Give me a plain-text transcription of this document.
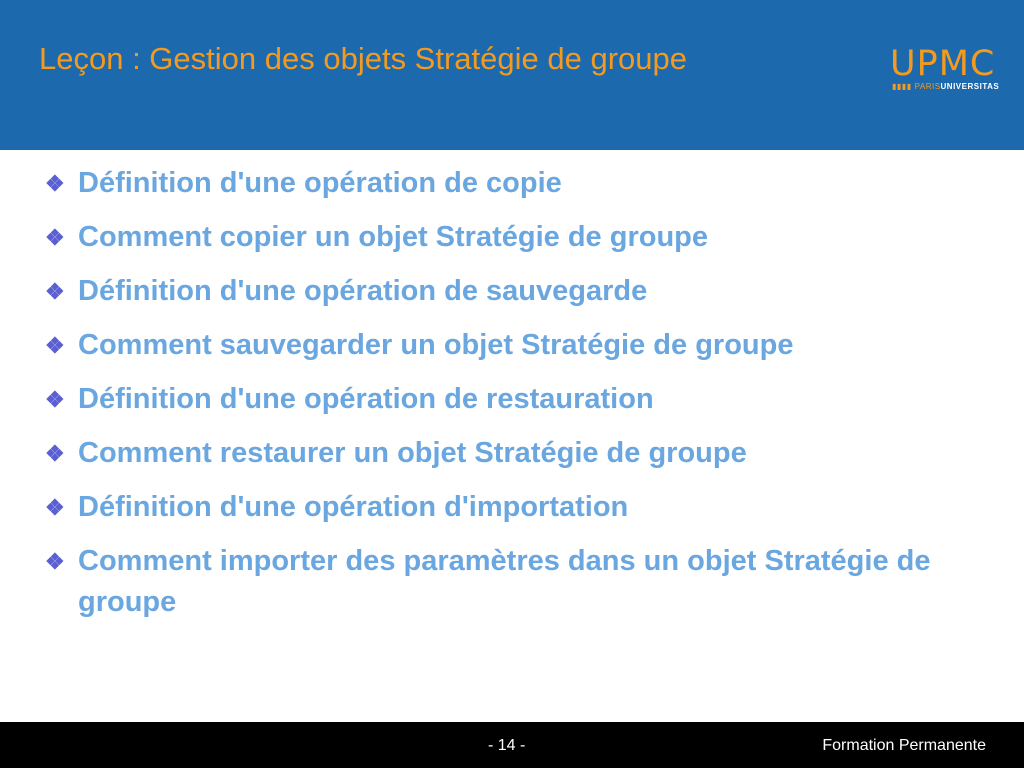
Leçon : Gestion des objets Stratégie de groupe	UPMC
▮▮▮▮ PARISUNIVERSITAS
❖ Définition d'une opération de copie
❖ Comment copier un objet Stratégie de groupe
❖ Définition d'une opération de sauvegarde
❖ Comment sauvegarder un objet Stratégie de groupe
❖ Définition d'une opération de restauration
❖ Comment restaurer un objet Stratégie de groupe
❖ Définition d'une opération d'importation
❖ Comment importer des paramètres dans un objet Stratégie de groupe
- 14 -	Formation Permanente
